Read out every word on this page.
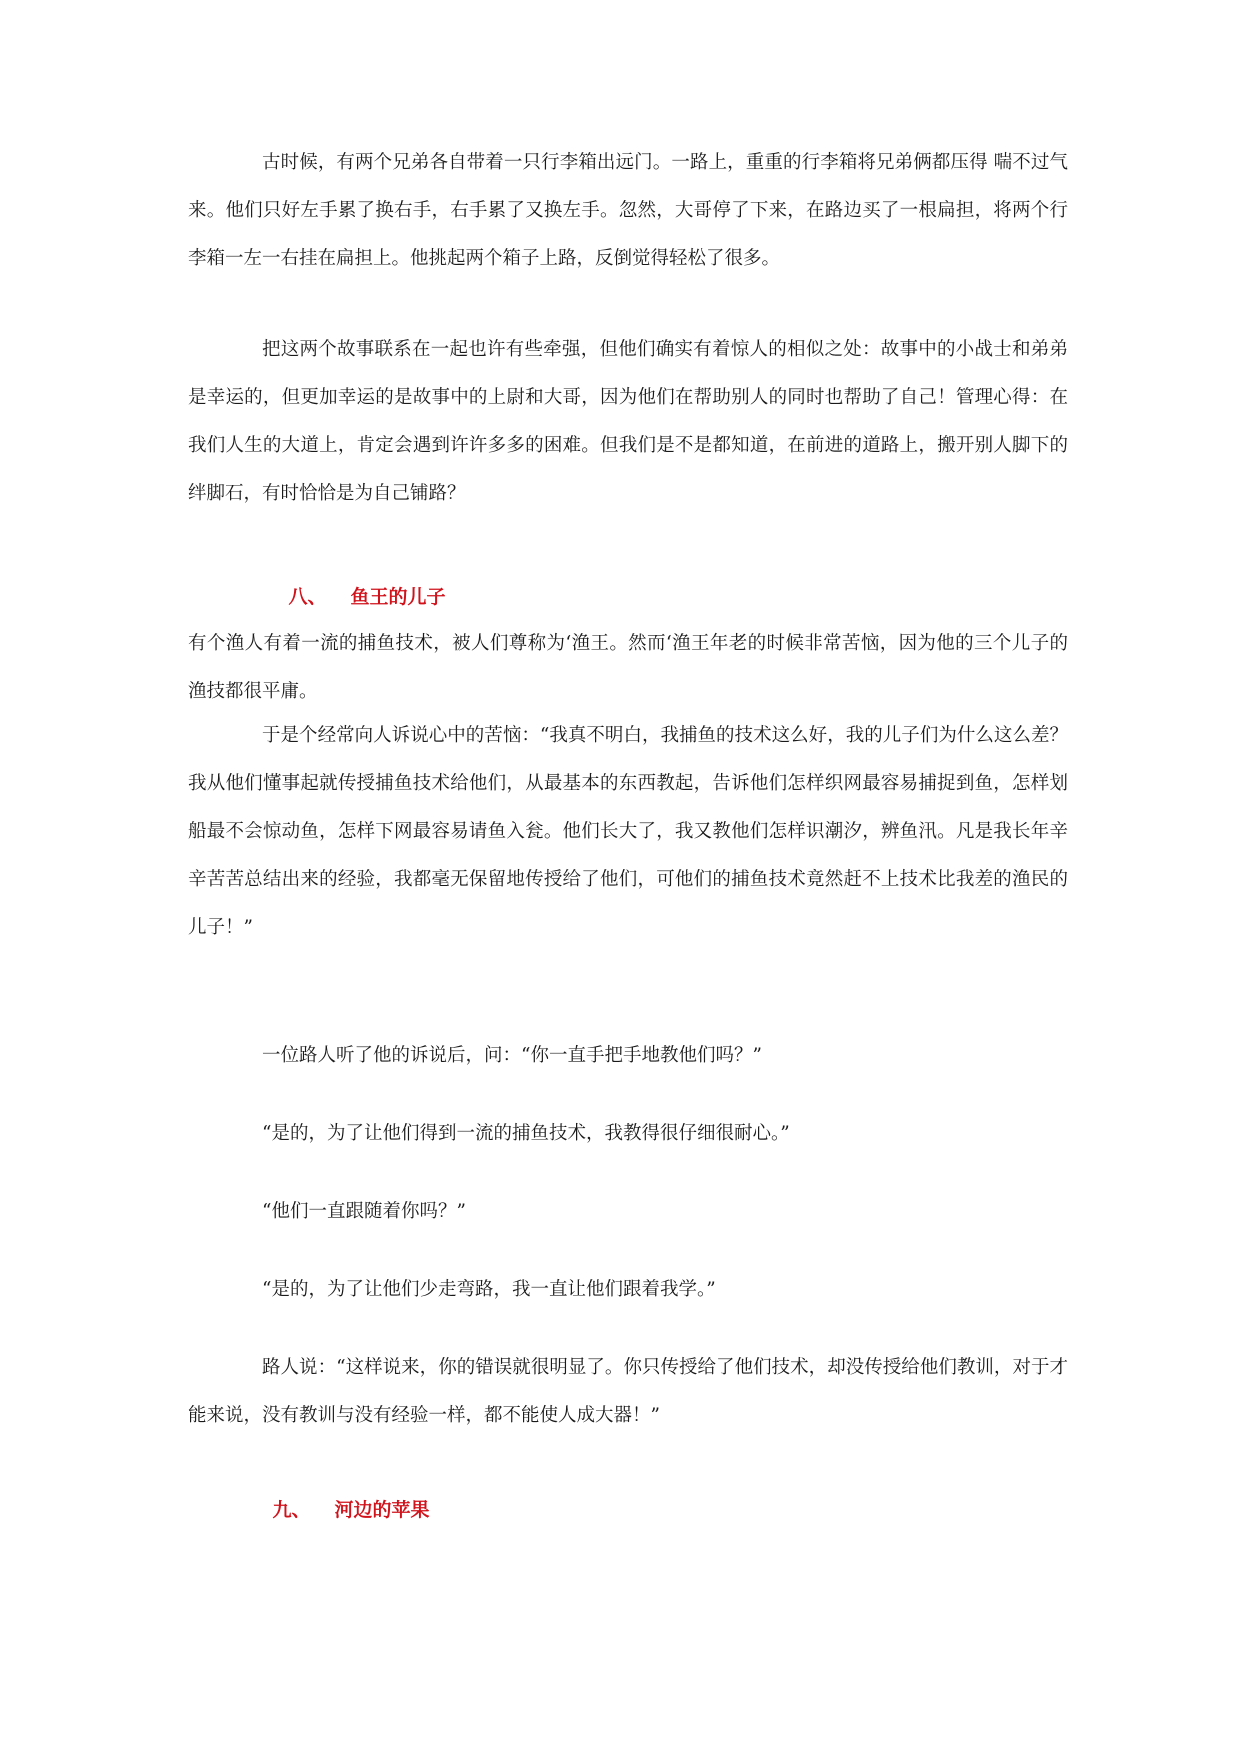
古时候，有两个兄弟各自带着一只行李箱出远门。一路上，重重的行李箱将兄弟俩都压得 喘不过气来。他们只好左手累了换右手，右手累了又换左手。忽然，大哥停了下来，在路边买了一根扁担，将两个行李箱一左一右挂在扁担上。他挑起两个箱子上路，反倒觉得轻松了很多。

把这两个故事联系在一起也许有些牵强，但他们确实有着惊人的相似之处：故事中的小战士和弟弟是幸运的，但更加幸运的是故事中的上尉和大哥，因为他们在帮助别人的同时也帮助了自己！管理心得：在我们人生的大道上，肯定会遇到许许多多的困难。但我们是不是都知道，在前进的道路上，搬开别人脚下的绊脚石，有时恰恰是为自己铺路？

八、 鱼王的儿子

有个渔人有着一流的捕鱼技术，被人们尊称为‘渔王。然而‘渔王年老的时候非常苦恼，因为他的三个儿子的渔技都很平庸。

于是个经常向人诉说心中的苦恼：“我真不明白，我捕鱼的技术这么好，我的儿子们为什么这么差？我从他们懂事起就传授捕鱼技术给他们，从最基本的东西教起，告诉他们怎样织网最容易捕捉到鱼，怎样划船最不会惊动鱼，怎样下网最容易请鱼入瓮。他们长大了，我又教他们怎样识潮汐，辨鱼汛。凡是我长年辛辛苦苦总结出来的经验，我都毫无保留地传授给了他们，可他们的捕鱼技术竟然赶不上技术比我差的渔民的儿子！”

一位路人听了他的诉说后，问：“你一直手把手地教他们吗？”

“是的，为了让他们得到一流的捕鱼技术，我教得很仔细很耐心。”

“他们一直跟随着你吗？”

“是的，为了让他们少走弯路，我一直让他们跟着我学。”

路人说：“这样说来，你的错误就很明显了。你只传授给了他们技术，却没传授给他们教训，对于才能来说，没有教训与没有经验一样，都不能使人成大器！”

九、 河边的苹果
